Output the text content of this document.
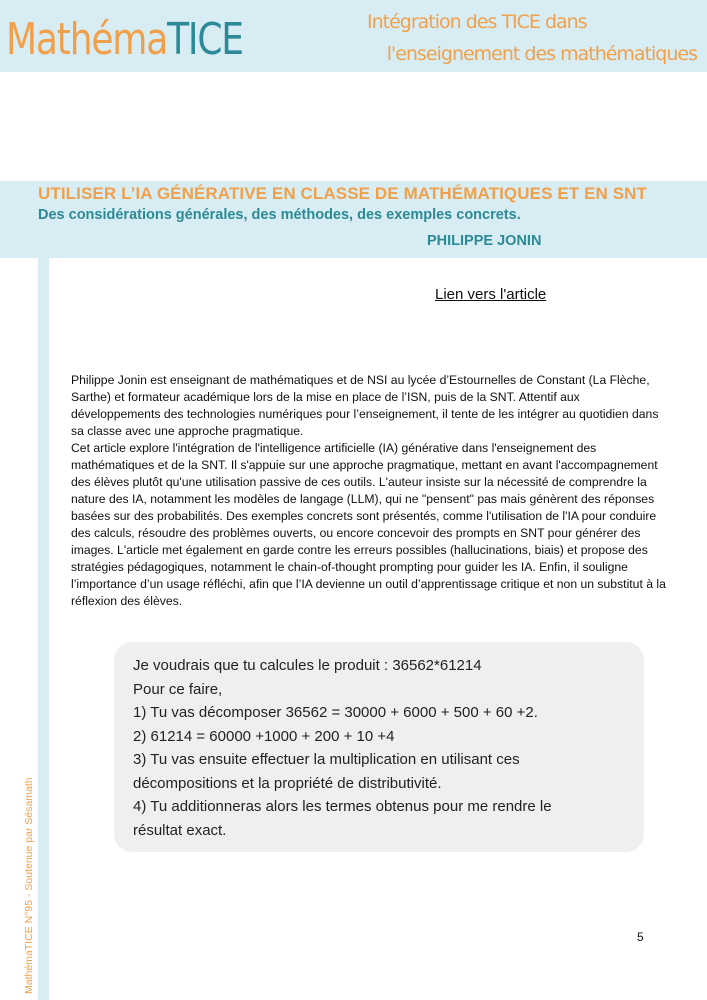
MathémaTICE	Intégration des TICE dans
l'enseignement des mathématiques
UTILISER L’IA GÉNÉRATIVE EN CLASSE DE MATHÉMATIQUES ET EN SNT
Des considérations générales, des méthodes, des exemples concrets.
PHILIPPE JONIN
MathémaTICE N°95 - Soutenue par Sésamath
Lien vers l'article

Philippe Jonin est enseignant de mathématiques et de NSI au lycée d’Estournelles de Constant (La Flèche, Sarthe) et formateur académique lors de la mise en place de l’ISN, puis de la SNT. Attentif aux développements des technologies numériques pour l’enseignement, il tente de les intégrer au quotidien dans sa classe avec une approche pragmatique.

Cet article explore l'intégration de l'intelligence artificielle (IA) générative dans l'enseignement des mathématiques et de la SNT. Il s'appuie sur une approche pragmatique, mettant en avant l'accompagnement des élèves plutôt qu'une utilisation passive de ces outils. L'auteur insiste sur la nécessité de comprendre la nature des IA, notamment les modèles de langage (LLM), qui ne "pensent" pas mais génèrent des réponses basées sur des probabilités. Des exemples concrets sont présentés, comme l'utilisation de l'IA pour conduire des calculs, résoudre des problèmes ouverts, ou encore concevoir des prompts en SNT pour générer des images. L'article met également en garde contre les erreurs possibles (hallucinations, biais) et propose des stratégies pédagogiques, notamment le chain-of-thought prompting pour guider les IA. Enfin, il souligne l’importance d’un usage réfléchi, afin que l’IA devienne un outil d’apprentissage critique et non un substitut à la réflexion des élèves.

Je voudrais que tu calcules le produit : 36562*61214
Pour ce faire,
1) Tu vas décomposer 36562 = 30000 + 6000 + 500 + 60 +2.
2) 61214 = 60000 +1000 + 200 + 10 +4
3) Tu vas ensuite effectuer la multiplication en utilisant ces
décompositions et la propriété de distributivité.
4) Tu additionneras alors les termes obtenus pour me rendre le
résultat exact.
5
